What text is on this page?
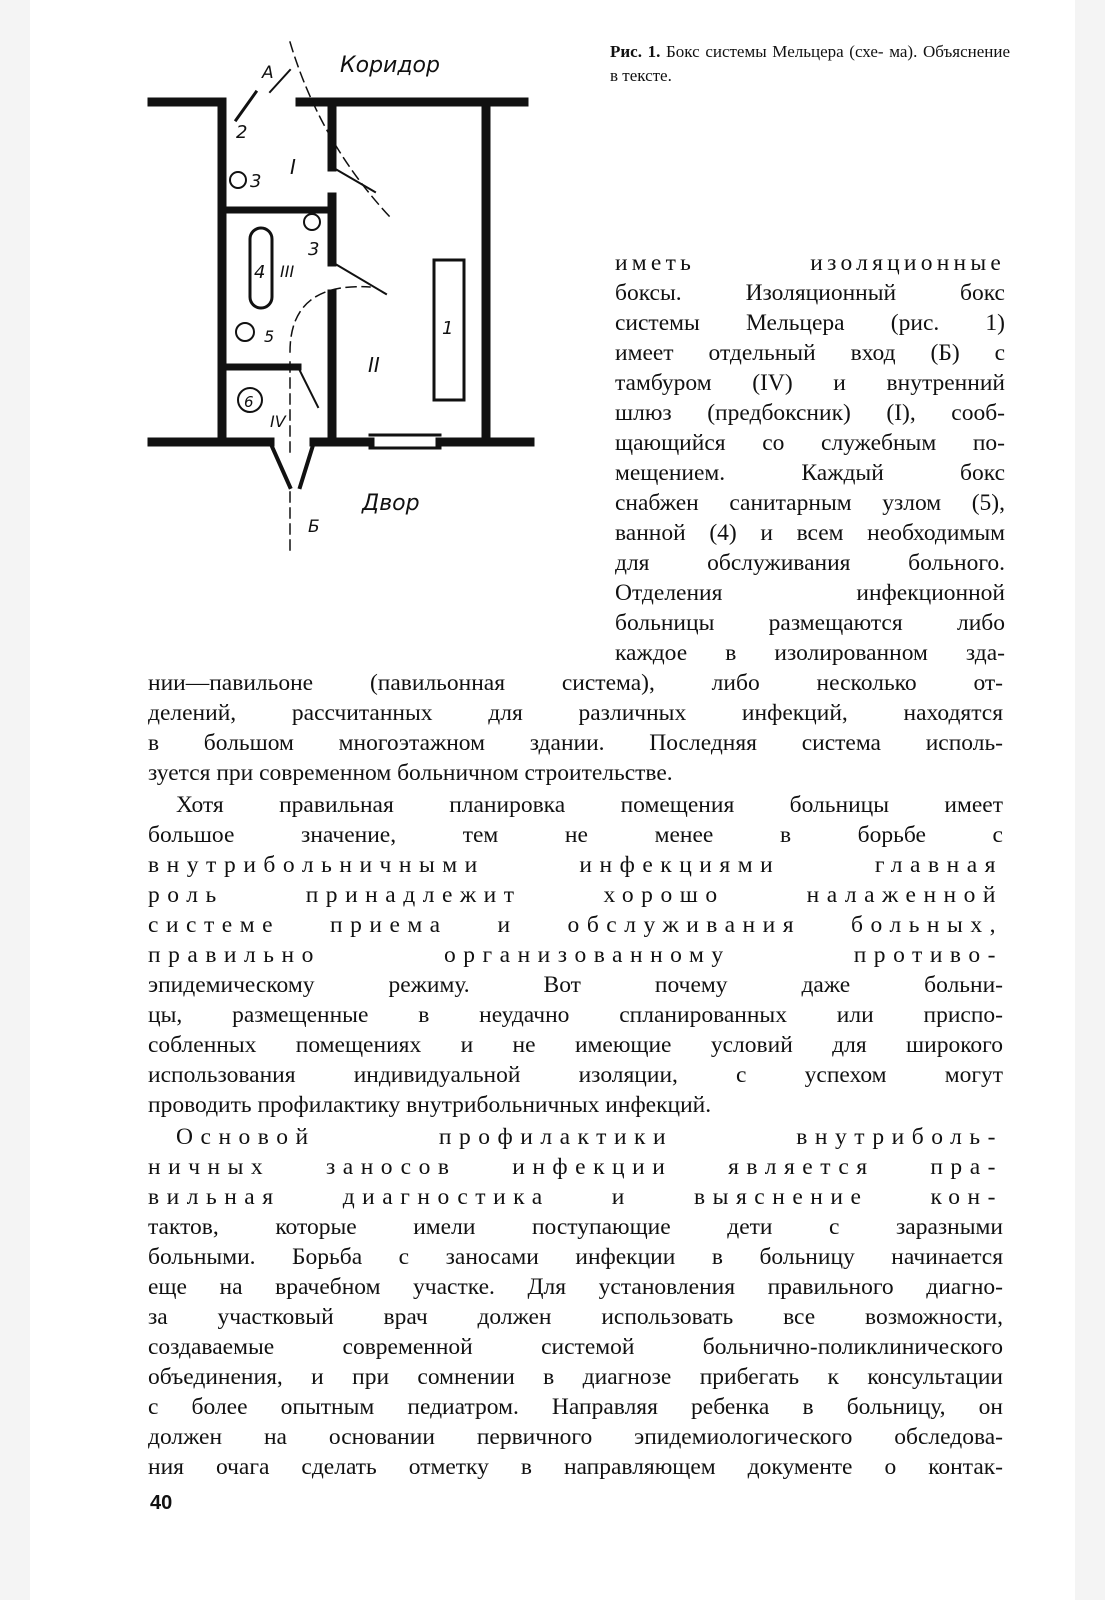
Рис. 1. Бокс системы Мельцера (схе- ма). Объяснение в тексте.
Коридор
Двор
А
Б
1
2
3
3
4
5
6
I
II
III
IV
иметь изоляционные
боксы. Изоляционный бокс
системы Мельцера (рис. 1)
имеет отдельный вход (Б) с
тамбуром (IV) и внутренний
шлюз (предбоксник) (I), сооб-
щающийся со служебным по-
мещением. Каждый бокс
снабжен санитарным узлом (5),
ванной (4) и всем необходимым
для обслуживания больного.
Отделения инфекционной
больницы размещаются либо
каждое в изолированном зда-

нии—павильоне (павильонная система), либо несколько от-
делений, рассчитанных для различных инфекций, находятся
в большом многоэтажном здании. Последняя система исполь-
зуется при современном больничном строительстве.

Хотя правильная планировка помещения больницы имеет
большое значение, тем не менее в борьбе с
внутрибольничными инфекциями главная
роль принадлежит хорошо налаженной
системе приема и обслуживания больных,
правильно организованному противо-
эпидемическому режиму. Вот почему даже больни-
цы, размещенные в неудачно спланированных или приспо-
собленных помещениях и не имеющие условий для широкого
использования индивидуальной изоляции, с успехом могут
проводить профилактику внутрибольничных инфекций.

Основой профилактики внутриболь-
ничных заносов инфекции является пра-
вильная диагностика и выяснение кон-
тактов, которые имели поступающие дети с заразными
больными. Борьба с заносами инфекции в больницу начинается
еще на врачебном участке. Для установления правильного диагно-
за участковый врач должен использовать все возможности,
создаваемые современной системой больнично-поликлинического
объединения, и при сомнении в диагнозе прибегать к консультации
с более опытным педиатром. Направляя ребенка в больницу, он
должен на основании первичного эпидемиологического обследова-
ния очага сделать отметку в направляющем документе о контак-

40
